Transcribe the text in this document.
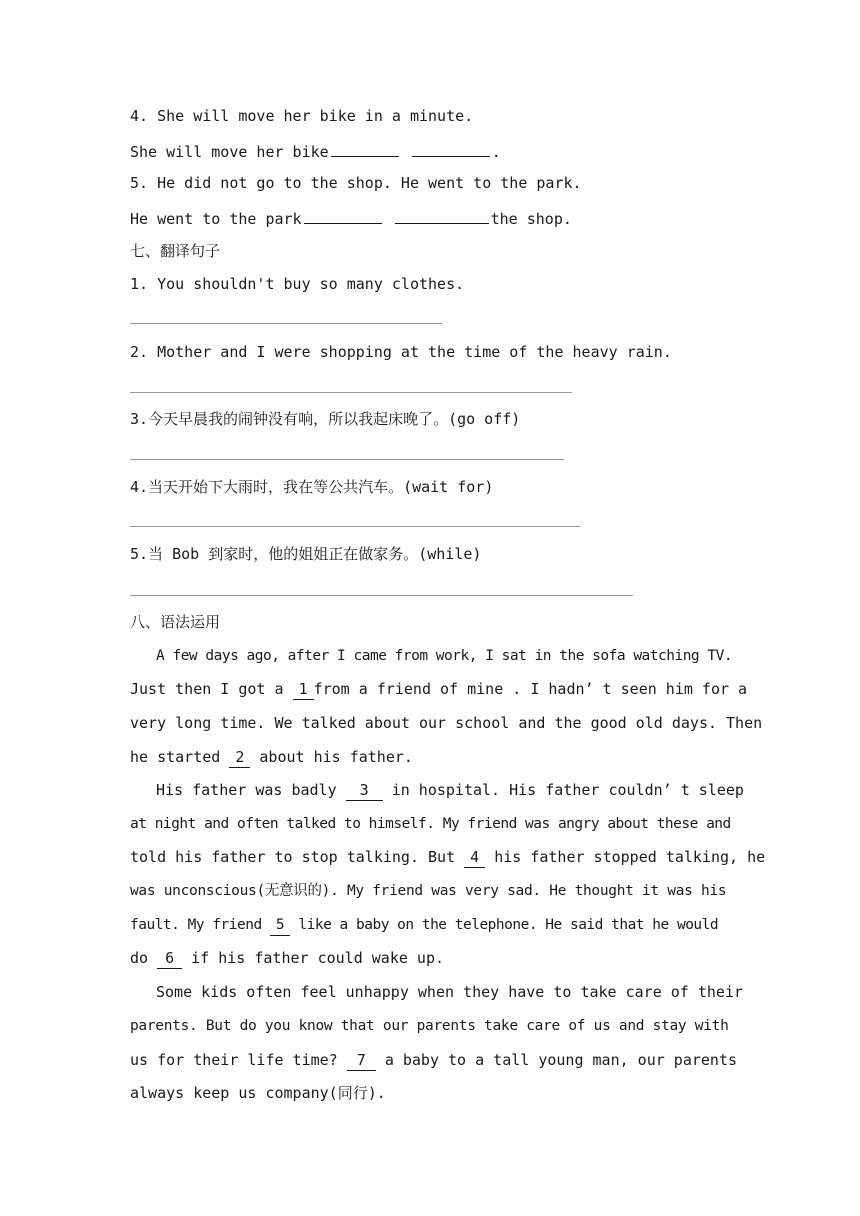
4. She will move her bike in a minute.
She will move her bike	.
5. He did not go to the shop. He went to the park.
He went to the park	the shop.
七、翻译句子
1. You shouldn't buy so many clothes.
2. Mother and I were shopping at the time of the heavy rain.
3.今天早晨我的闹钟没有响，所以我起床晚了。(go off)
4.当天开始下大雨时，我在等公共汽车。(wait for)
5.当 Bob 到家时，他的姐姐正在做家务。(while)
八、语法运用
A few days ago, after I came from work, I sat in the sofa watching TV.
Just then I got a 1 from a friend of mine . I hadn’ t seen him for a
very long time. We talked about our school and the good old days. Then
he started 2 about his father.
His father was badly 3 in hospital. His father couldn’ t sleep
at night and often talked to himself. My friend was angry about these and
told his father to stop talking. But 4 his father stopped talking, he
was unconscious(无意识的). My friend was very sad. He thought it was his
fault. My friend 5 like a baby on the telephone. He said that he would
do 6 if his father could wake up.
Some kids often feel unhappy when they have to take care of their
parents. But do you know that our parents take care of us and stay with
us for their life time? 7 a baby to a tall young man, our parents
always keep us company(同行).
